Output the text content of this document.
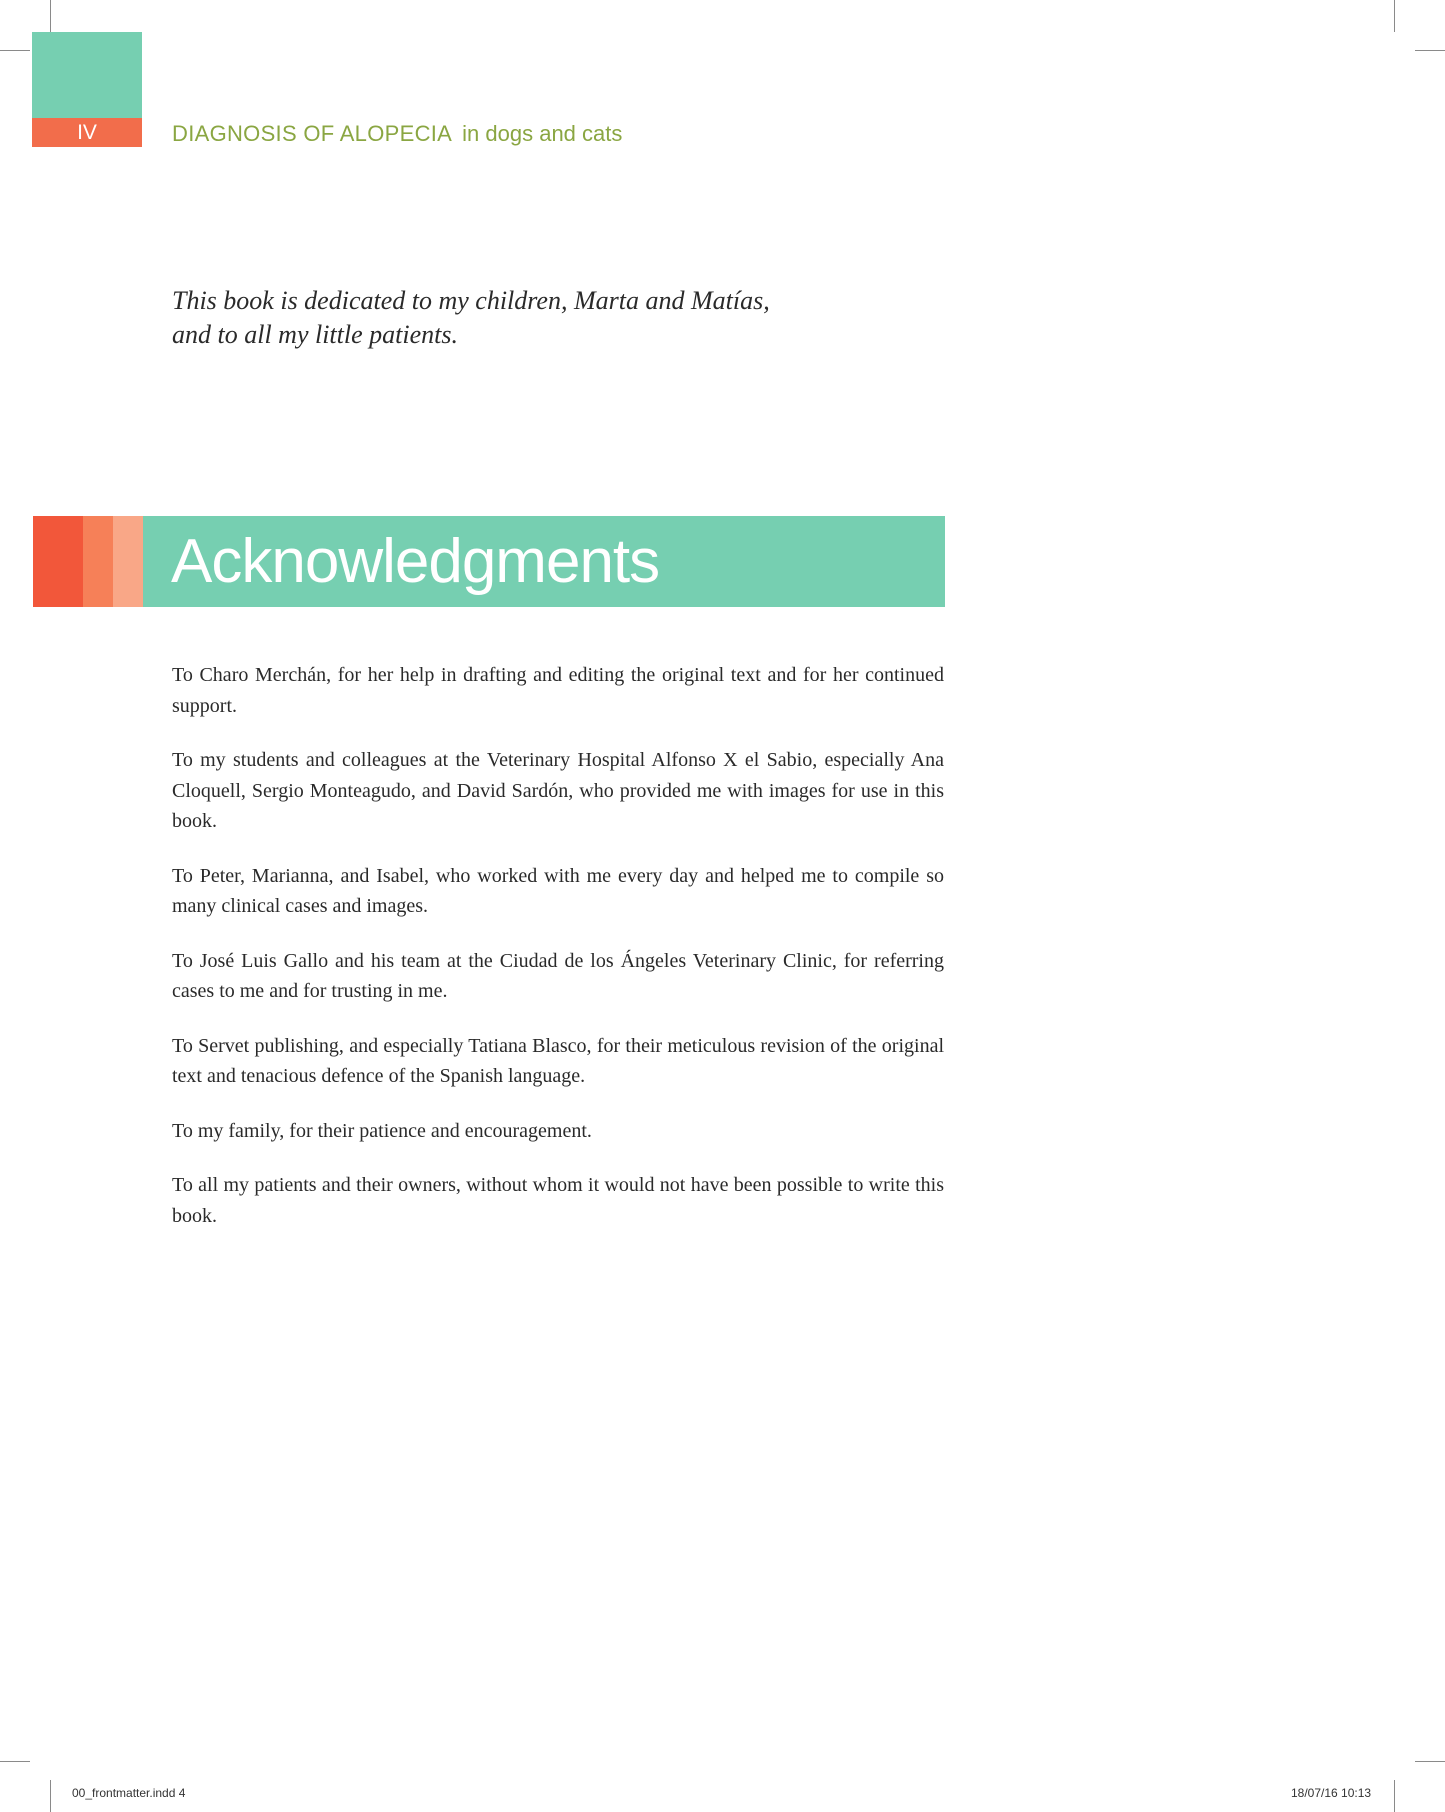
IV	DIAGNOSIS OF ALOPECIA in dogs and cats
This book is dedicated to my children, Marta and Matías,
and to all my little patients.
Acknowledgments

To Charo Merchán, for her help in drafting and editing the original text and for her continued support.

To my students and colleagues at the Veterinary Hospital Alfonso X el Sabio, especially Ana Cloquell, Sergio Monteagudo, and David Sardón, who provided me with images for use in this book.

To Peter, Marianna, and Isabel, who worked with me every day and helped me to compile so many clinical cases and images.

To José Luis Gallo and his team at the Ciudad de los Ángeles Veterinary Clinic, for referring cases to me and for trusting in me.

To Servet publishing, and especially Tatiana Blasco, for their meticulous revision of the original text and tenacious defence of the Spanish language.

To my family, for their patience and encouragement.

To all my patients and their owners, without whom it would not have been possible to write this book.

00_frontmatter.indd 4	18/07/16 10:13
